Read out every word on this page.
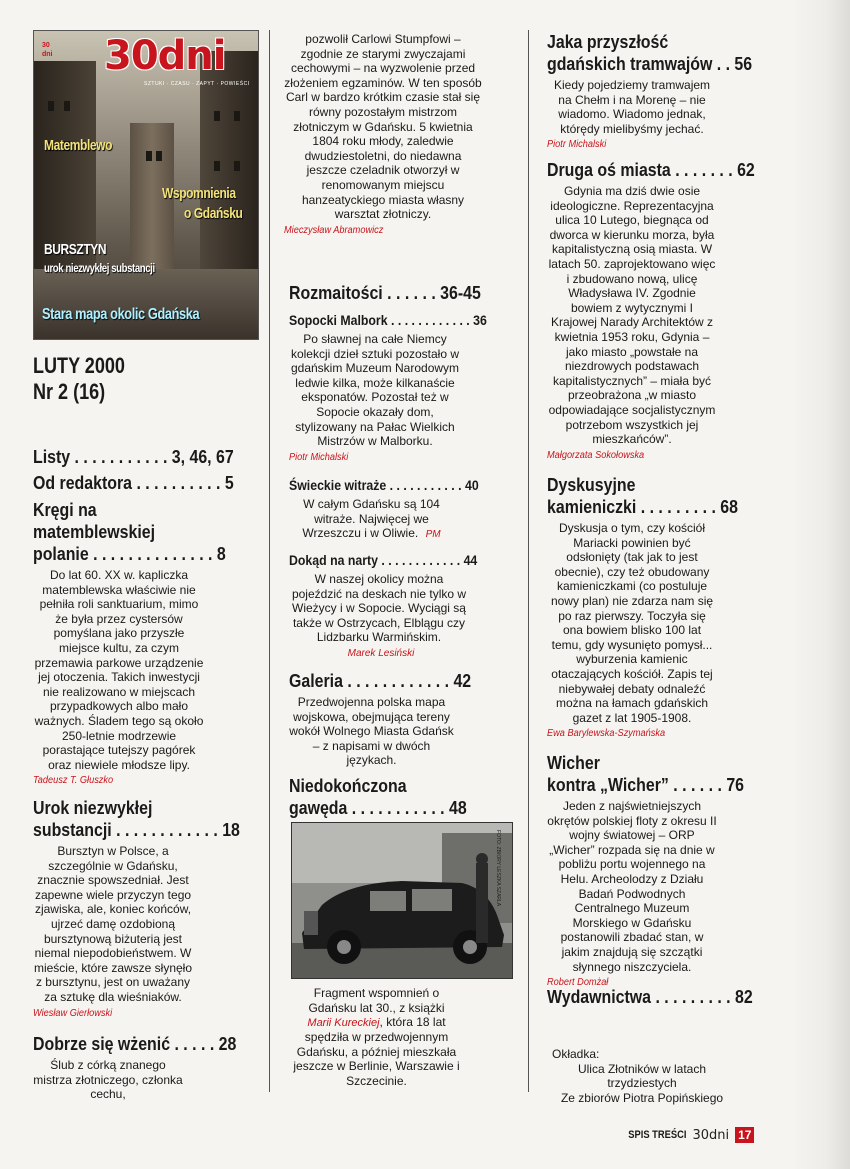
30 dni 30dni
SZTUKI · CZASU · ZAPYT · POWIEŚCI
Matemblewo
Wspomnienia
o Gdańsku
BURSZTYN
urok niezwykłej substancji
Stara mapa okolic Gdańska
LUTY 2000
Nr 2 (16)
Listy . . . . . . . . . . . 3, 46, 67
Od redaktora . . . . . . . . . . 5
Kręgi na
matemblewskiej
polanie . . . . . . . . . . . . . . 8
Do lat 60. XX w. kapliczka matemblewska właściwie nie pełniła roli sanktuarium, mimo że była przez cystersów pomyślana jako przyszłe miejsce kultu, za czym przemawia parkowe urządzenie jej otoczenia. Takich inwestycji nie realizowano w miejscach przypadkowych albo mało ważnych. Śladem tego są około 250-letnie modrzewie porastające tutejszy pagórek oraz niewiele młodsze lipy.
Tadeusz T. Głuszko
Urok niezwykłej
substancji . . . . . . . . . . . . 18
Bursztyn w Polsce, a szczególnie w Gdańsku, znacznie spowszedniał. Jest zapewne wiele przyczyn tego zjawiska, ale, koniec końców, ujrzeć damę ozdobioną bursztynową biżuterią jest niemal niepodobieństwem. W mieście, które zawsze słynęło z bursztynu, jest on uważany za sztukę dla wieśniaków.
Wiesław Gierłowski
Dobrze się wżenić . . . . . 28
Ślub z córką znanego mistrza złotniczego, członka cechu,
pozwolił Carlowi Stumpfowi – zgodnie ze starymi zwyczajami cechowymi – na wyzwolenie przed złożeniem egzaminów. W ten sposób Carl w bardzo krótkim czasie stał się równy pozostałym mistrzom złotniczym w Gdańsku. 5 kwietnia 1804 roku młody, zaledwie dwudziestoletni, do niedawna jeszcze czeladnik otworzył w renomowanym miejscu hanzeatyckiego miasta własny warsztat złotniczy.
Mieczysław Abramowicz
Rozmaitości . . . . . . 36-45
Sopocki Malbork . . . . . . . . . . . . 36
Po sławnej na całe Niemcy kolekcji dzieł sztuki pozostało w gdańskim Muzeum Narodowym ledwie kilka, może kilkanaście eksponatów. Pozostał też w Sopocie okazały dom, stylizowany na Pałac Wielkich Mistrzów w Malborku.
Piotr Michalski
Świeckie witraże . . . . . . . . . . . 40
W całym Gdańsku są 104 witraże. Najwięcej we Wrzeszczu i w Oliwie. PM
Dokąd na narty . . . . . . . . . . . . 44
W naszej okolicy można pojeździć na deskach nie tylko w Wieżycy i w Sopocie. Wyciągi są także w Ostrzycach, Elblągu czy Lidzbarku Warmińskim. Marek Lesiński
Galeria . . . . . . . . . . . . 42
Przedwojenna polska mapa wojskowa, obejmująca tereny wokół Wolnego Miasta Gdańsk – z napisami w dwóch językach.
Niedokończona
gawęda . . . . . . . . . . . 48
FOTO: ZBIORY LESZKA SZARLA
Fragment wspomnień o Gdańsku lat 30., z książki Marii Kureckiej, która 18 lat spędziła w przedwojennym Gdańsku, a później mieszkała jeszcze w Berlinie, Warszawie i Szczecinie.
Jaka przyszłość
gdańskich tramwajów . . 56
Kiedy pojedziemy tramwajem na Chełm i na Morenę – nie wiadomo. Wiadomo jednak, którędy mielibyśmy jechać.
Piotr Michalski
Druga oś miasta . . . . . . . 62
Gdynia ma dziś dwie osie ideologiczne. Reprezentacyjna ulica 10 Lutego, biegnąca od dworca w kierunku morza, była kapitalistyczną osią miasta. W latach 50. zaprojektowano więc i zbudowano nową, ulicę Władysława IV. Zgodnie bowiem z wytycznymi I Krajowej Narady Architektów z kwietnia 1953 roku, Gdynia – jako miasto „powstałe na niezdrowych podstawach kapitalistycznych” – miała być przeobrażona „w miasto odpowiadające socjalistycznym potrzebom wszystkich jej mieszkańców”.
Małgorzata Sokołowska
Dyskusyjne
kamieniczki . . . . . . . . . 68
Dyskusja o tym, czy kościół Mariacki powinien być odsłonięty (tak jak to jest obecnie), czy też obudowany kamieniczkami (co postuluje nowy plan) nie zdarza nam się po raz pierwszy. Toczyła się ona bowiem blisko 100 lat temu, gdy wysunięto pomysł... wyburzenia kamienic otaczających kościół. Zapis tej niebywałej debaty odnaleźć można na łamach gdańskich gazet z lat 1905-1908.
Ewa Barylewska-Szymańska
Wicher
kontra „Wicher” . . . . . . 76
Jeden z najświetniejszych okrętów polskiej floty z okresu II wojny światowej – ORP „Wicher” rozpada się na dnie w pobliżu portu wojennego na Helu. Archeolodzy z Działu Badań Podwodnych Centralnego Muzeum Morskiego w Gdańsku postanowili zbadać stan, w jakim znajdują się szczątki słynnego niszczyciela.
Robert Domżał
Wydawnictwa . . . . . . . . . 82
Okładka:
Ulica Złotników w latach trzydziestych
Ze zbiorów Piotra Popińskiego
SPIS TREŚCI 30dni 17
